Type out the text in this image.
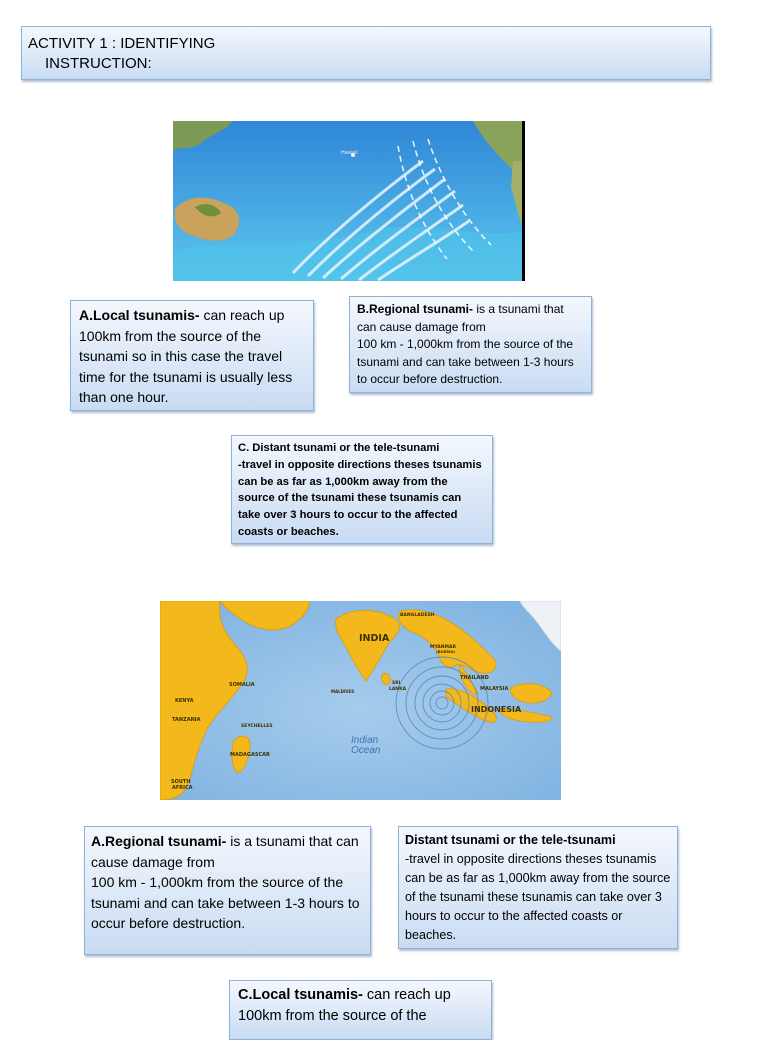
ACTIVITY 1 : IDENTIFYING
INSTRUCTION:
Hawaii

A.Local tsunamis- can reach up 100km from the source of the tsunami so in this case the travel time for the tsunami is usually less than one hour.

B.Regional tsunami- is a tsunami that can cause damage from

100 km - 1,000km from the source of the tsunami and can take between 1-3 hours to occur before destruction.

C. Distant tsunami or the tele-tsunami

-travel in opposite directions theses tsunamis can be as far as 1,000km away from the source of the tsunami these tsunamis can take over 3 hours to occur to the affected coasts or beaches.

INDIA
BANGLADESH
MYANMAR
(BURMA)
SRI
LANKA
THAILAND
MALAYSIA
INDONESIA
MALDIVES
SOMALIA
KENYA
TANZANIA
SEYCHELLES
MADAGASCAR
SOUTH
AFRICA
Indian
Ocean

A.Regional tsunami- is a tsunami that can cause damage from

100 km - 1,000km from the source of the tsunami and can take between 1-3 hours to occur before destruction.

Distant tsunami or the tele-tsunami

-travel in opposite directions theses tsunamis can be as far as 1,000km away from the source of the tsunami these tsunamis can take over 3 hours to occur to the affected coasts or beaches.

C.Local tsunamis- can reach up 100km from the source of the
